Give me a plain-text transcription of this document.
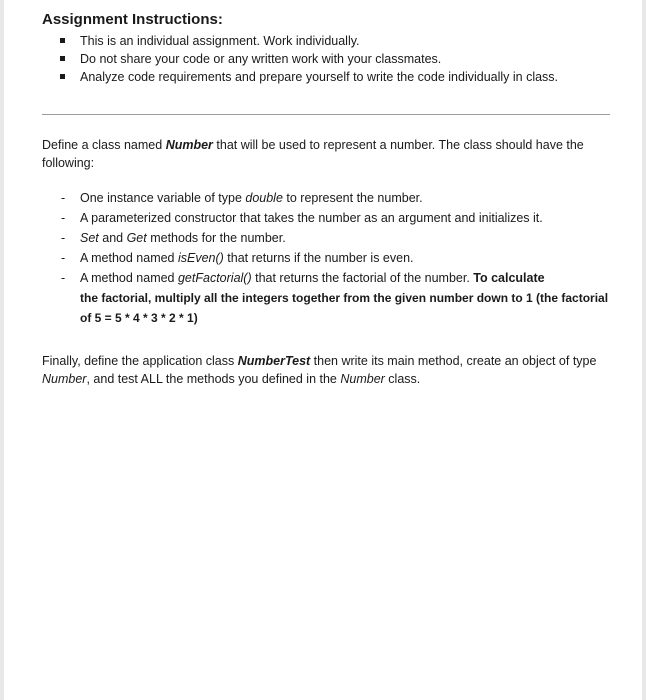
Assignment Instructions:
This is an individual assignment. Work individually.
Do not share your code or any written work with your classmates.
Analyze code requirements and prepare yourself to write the code individually in class.

Define a class named Number that will be used to represent a number. The class should have the following:

- One instance variable of type double to represent the number.
- A parameterized constructor that takes the number as an argument and initializes it.
- Set and Get methods for the number.
- A method named isEven() that returns if the number is even.
- A method named getFactorial() that returns the factorial of the number. To calculate
the factorial, multiply all the integers together from the given number down to 1 (the factorial of 5 = 5 * 4 * 3 * 2 * 1)

Finally, define the application class NumberTest then write its main method, create an object of type Number, and test ALL the methods you defined in the Number class.
